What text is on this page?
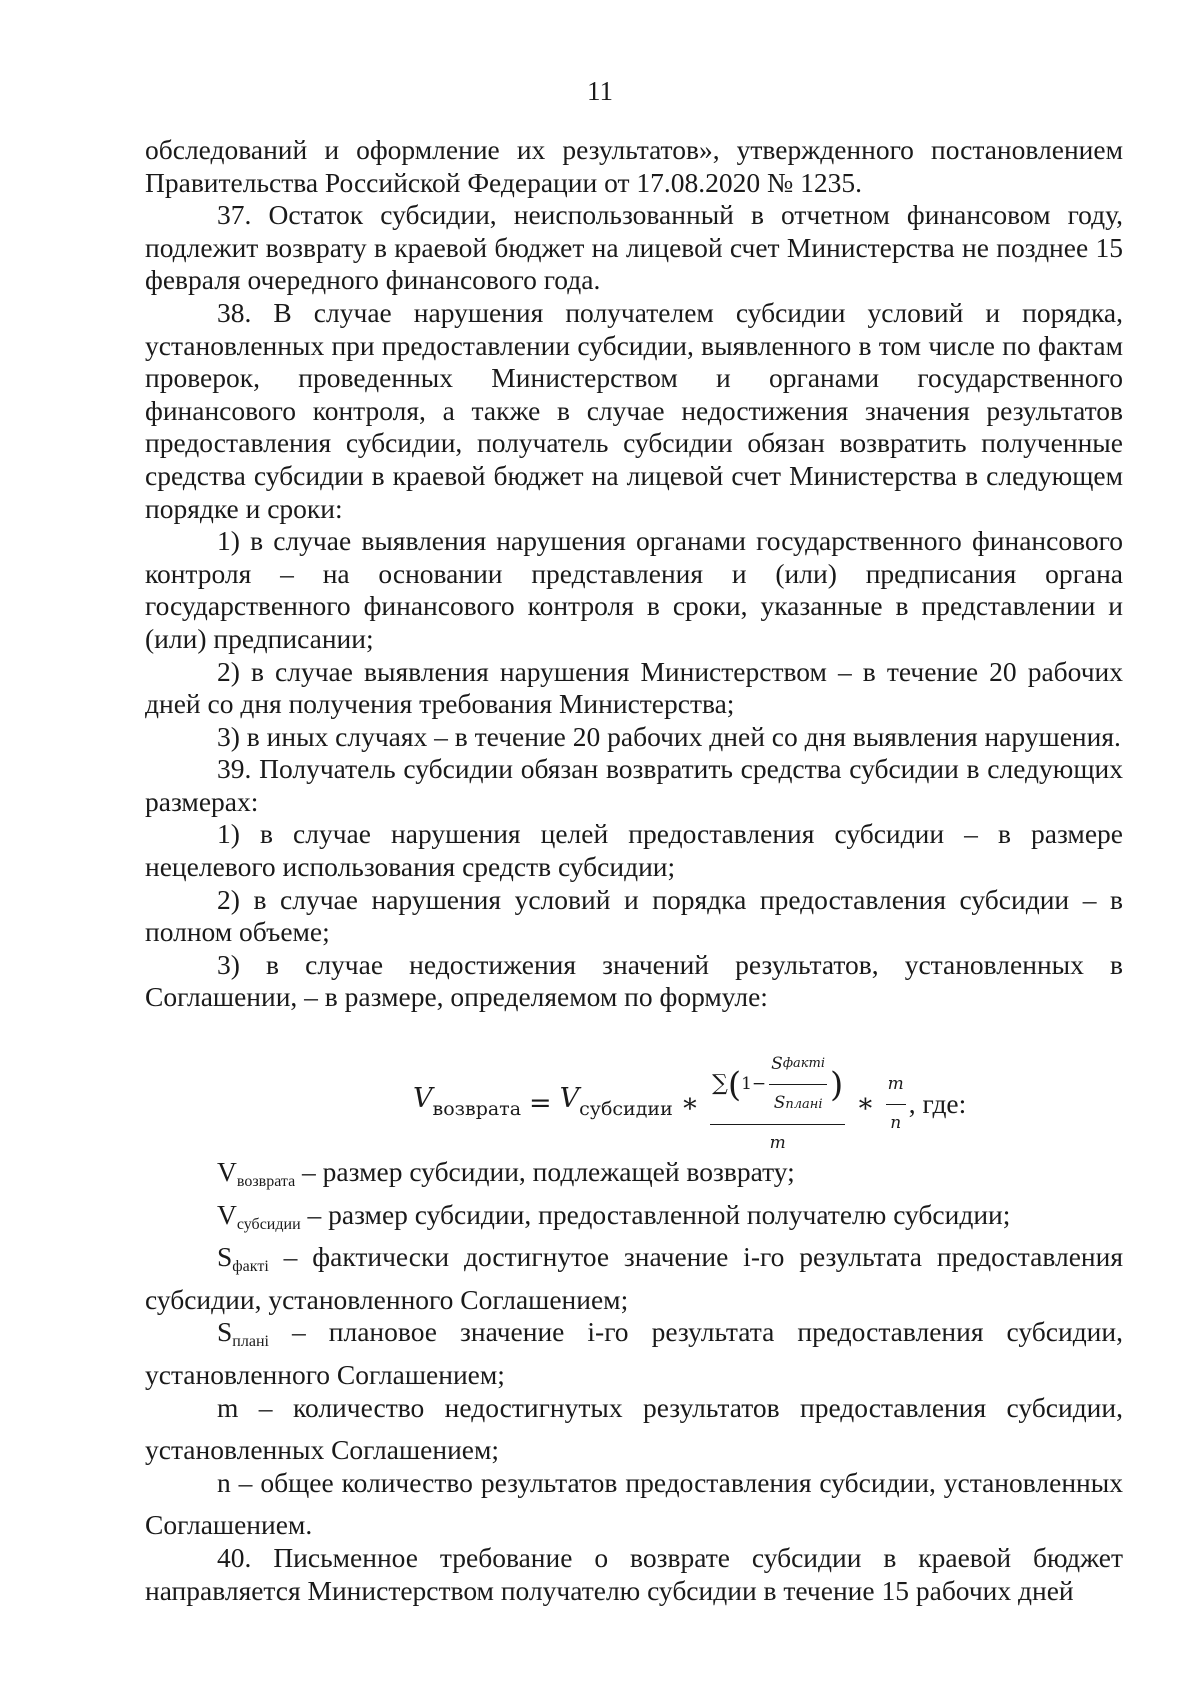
11

обследований и оформление их результатов», утвержденного постановлением Правительства Российской Федерации от 17.08.2020 № 1235.

37. Остаток субсидии, неиспользованный в отчетном финансовом году, подлежит возврату в краевой бюджет на лицевой счет Министерства не позднее 15 февраля очередного финансового года.

38. В случае нарушения получателем субсидии условий и порядка, установленных при предоставлении субсидии, выявленного в том числе по фактам проверок, проведенных Министерством и органами государственного финансового контроля, а также в случае недостижения значения результатов предоставления субсидии, получатель субсидии обязан возвратить полученные средства субсидии в краевой бюджет на лицевой счет Министерства в следующем порядке и сроки:

1) в случае выявления нарушения органами государственного финансового контроля – на основании представления и (или) предписания органа государственного финансового контроля в сроки, указанные в представлении и (или) предписании;

2) в случае выявления нарушения Министерством – в течение 20 рабочих дней со дня получения требования Министерства;

3) в иных случаях – в течение 20 рабочих дней со дня выявления нарушения.

39. Получатель субсидии обязан возвратить средства субсидии в следующих размерах:

1) в случае нарушения целей предоставления субсидии – в размере нецелевого использования средств субсидии;

2) в случае нарушения условий и порядка предоставления субсидии – в полном объеме;

3) в случае недостижения значений результатов, установленных в Соглашении, – в размере, определяемом по формуле:

$V_{возврата} = V_{субсидии}$ ∗
∑ ( $1 - \frac{\text{S факт i}}{\text{Sпланi}}$ )
m
∗ $\frac{m}{n}$ , где:

Vвозврата – размер субсидии, подлежащей возврату;

Vсубсидии – размер субсидии, предоставленной получателю субсидии;

Sфактi – фактически достигнутое значение i-го результата предоставления субсидии, установленного Соглашением;

Sпланi – плановое значение i-го результата предоставления субсидии, установленного Соглашением;

m – количество недостигнутых результатов предоставления субсидии, установленных Соглашением;

n – общее количество результатов предоставления субсидии, установленных Соглашением.

40. Письменное требование о возврате субсидии в краевой бюджет направляется Министерством получателю субсидии в течение 15 рабочих дней
